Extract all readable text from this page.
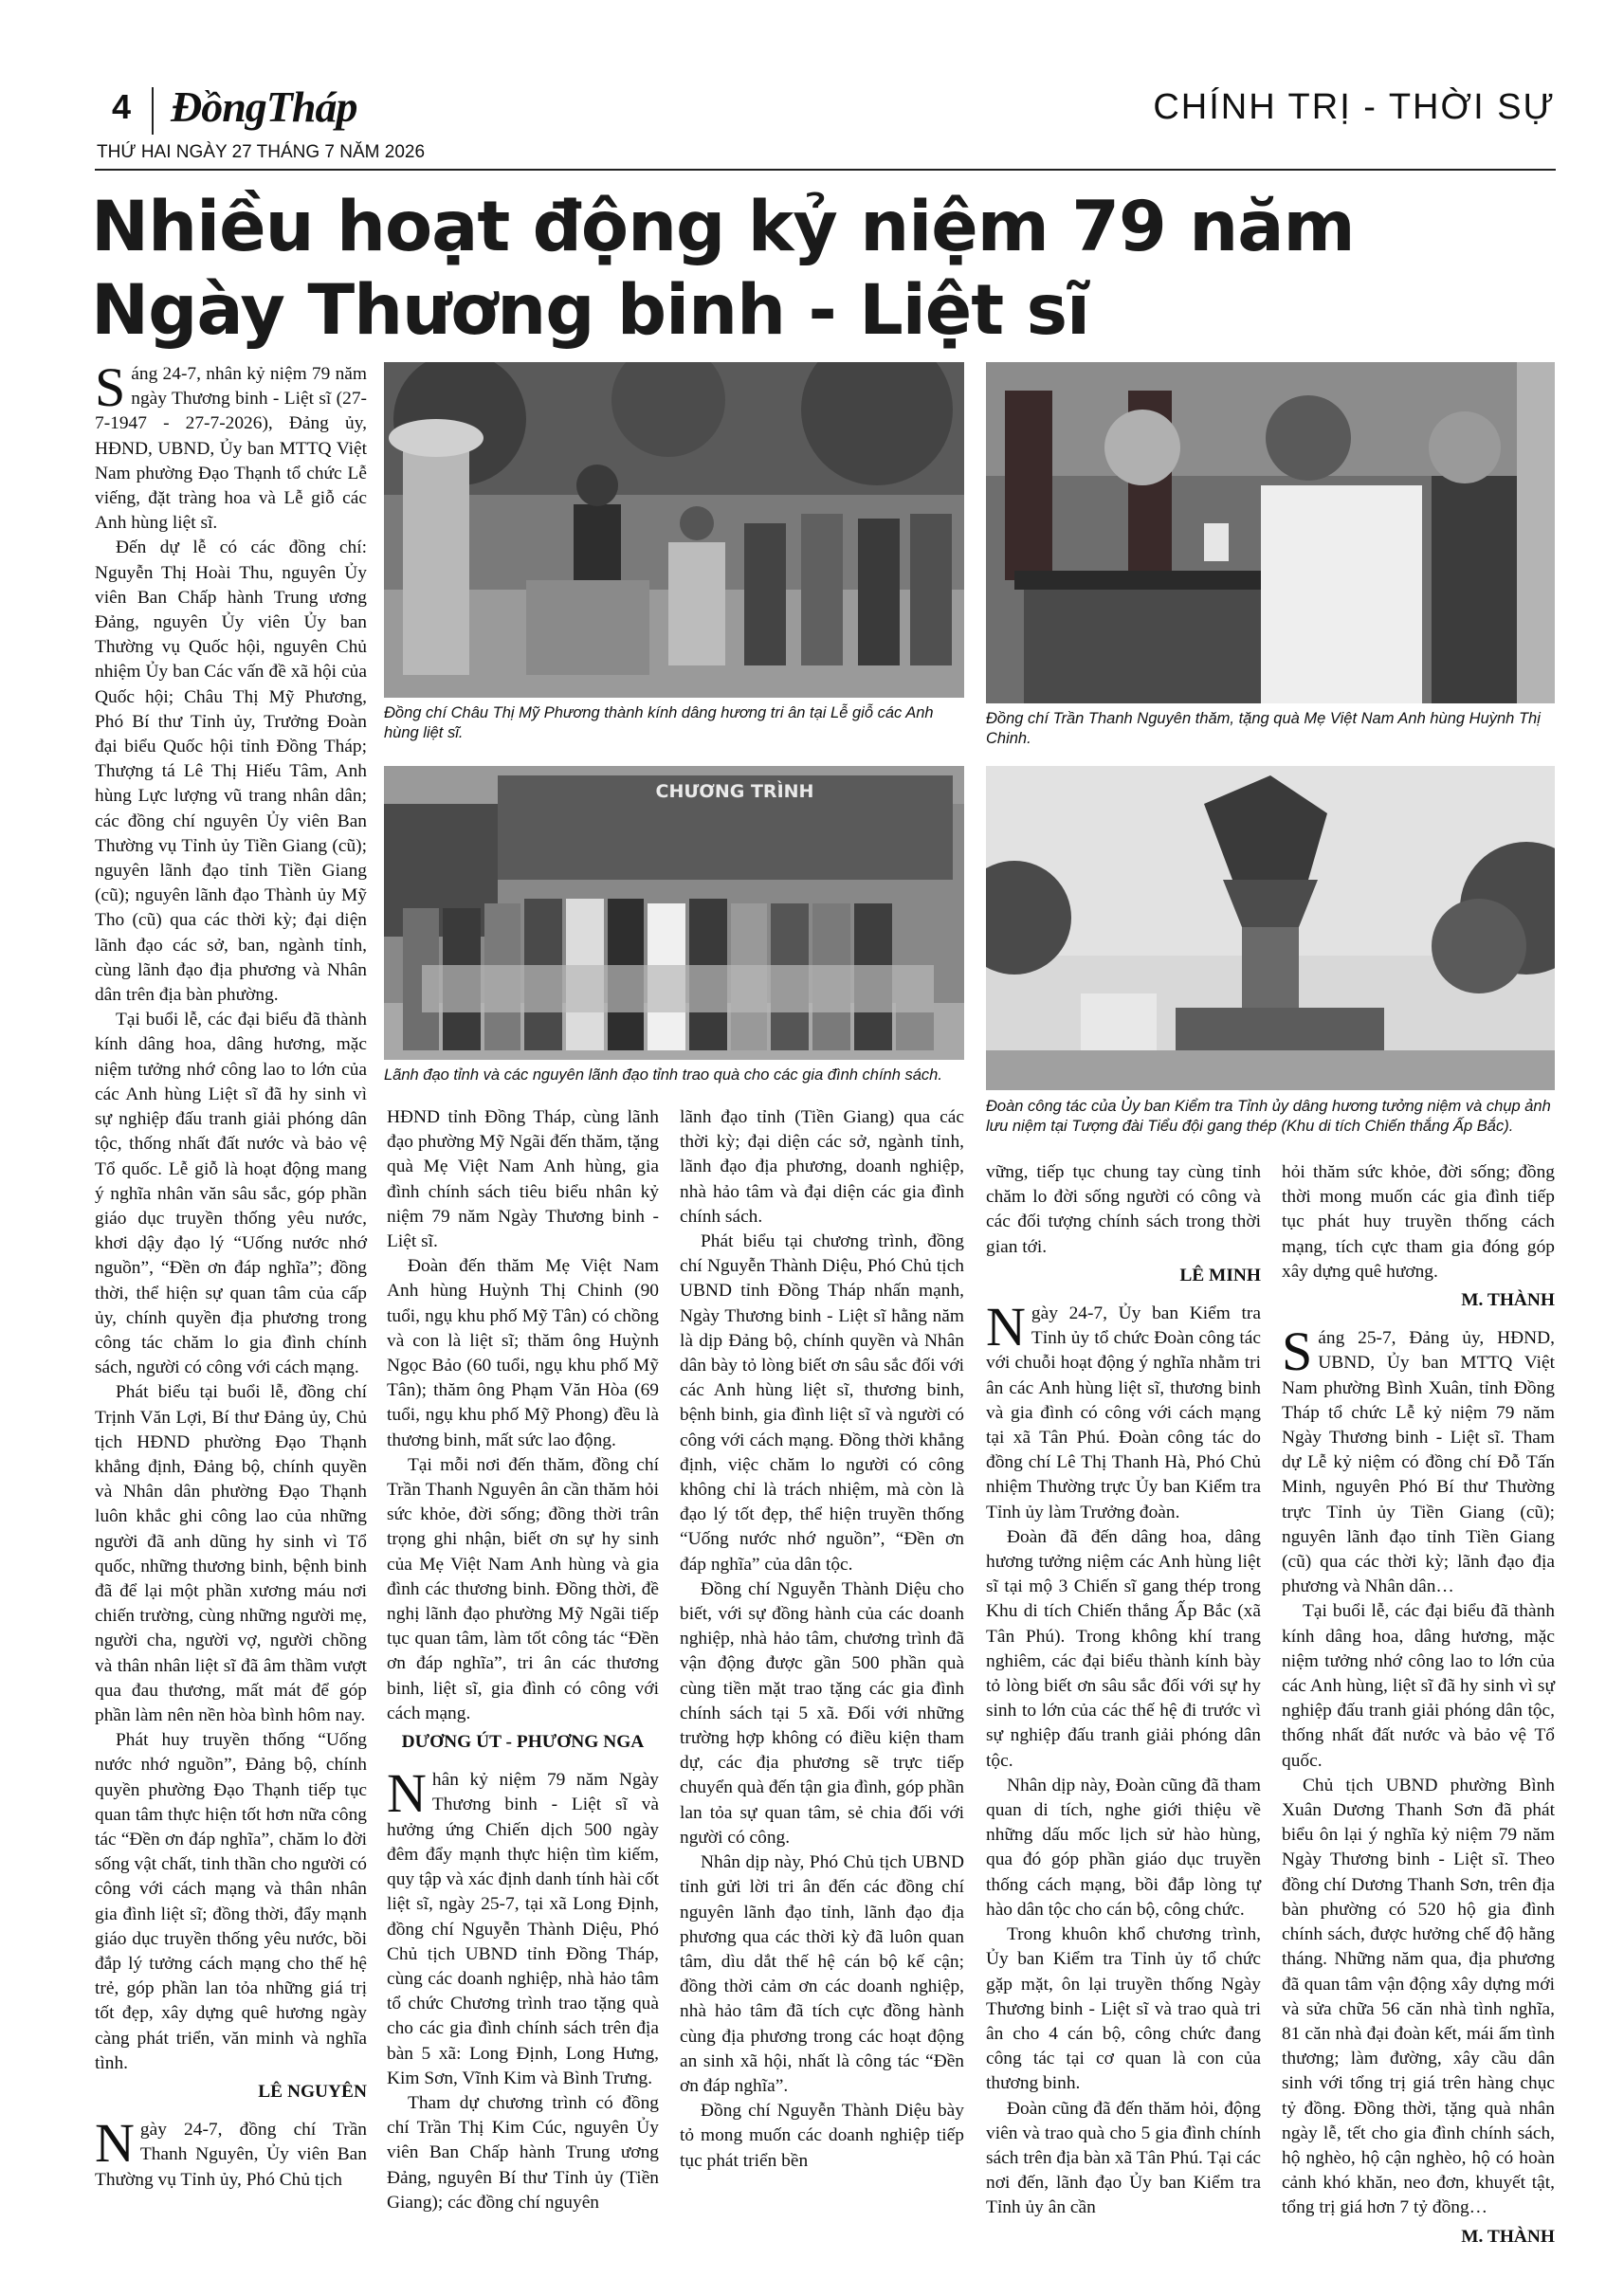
4 ĐồngTháp	CHÍNH TRỊ - THỜI SỰ
THỨ HAI NGÀY 27 THÁNG 7 NĂM 2026
Nhiều hoạt động kỷ niệm 79 năm
Ngày Thương binh - Liệt sĩ
Đồng chí Châu Thị Mỹ Phương thành kính dâng hương tri ân tại Lễ giỗ các Anh hùng liệt sĩ.
Đồng chí Trần Thanh Nguyên thăm, tặng quà Mẹ Việt Nam Anh hùng Huỳnh Thị Chinh.
CHƯƠNG TRÌNH
Lãnh đạo tỉnh và các nguyên lãnh đạo tỉnh trao quà cho các gia đình chính sách.
Đoàn công tác của Ủy ban Kiểm tra Tỉnh ủy dâng hương tưởng niệm và chụp ảnh lưu niệm tại Tượng đài Tiểu đội gang thép (Khu di tích Chiến thắng Ấp Bắc).

Sáng 24-7, nhân kỷ niệm 79 năm ngày Thương binh - Liệt sĩ (27-7-1947 - 27-7-2026), Đảng ủy, HĐND, UBND, Ủy ban MTTQ Việt Nam phường Đạo Thạnh tổ chức Lễ viếng, đặt tràng hoa và Lễ giỗ các Anh hùng liệt sĩ.

Đến dự lễ có các đồng chí: Nguyễn Thị Hoài Thu, nguyên Ủy viên Ban Chấp hành Trung ương Đảng, nguyên Ủy viên Ủy ban Thường vụ Quốc hội, nguyên Chủ nhiệm Ủy ban Các vấn đề xã hội của Quốc hội; Châu Thị Mỹ Phương, Phó Bí thư Tỉnh ủy, Trưởng Đoàn đại biểu Quốc hội tỉnh Đồng Tháp; Thượng tá Lê Thị Hiếu Tâm, Anh hùng Lực lượng vũ trang nhân dân; các đồng chí nguyên Ủy viên Ban Thường vụ Tỉnh ủy Tiền Giang (cũ); nguyên lãnh đạo tỉnh Tiền Giang (cũ); nguyên lãnh đạo Thành ủy Mỹ Tho (cũ) qua các thời kỳ; đại diện lãnh đạo các sở, ban, ngành tỉnh, cùng lãnh đạo địa phương và Nhân dân trên địa bàn phường.

Tại buổi lễ, các đại biểu đã thành kính dâng hoa, dâng hương, mặc niệm tưởng nhớ công lao to lớn của các Anh hùng Liệt sĩ đã hy sinh vì sự nghiệp đấu tranh giải phóng dân tộc, thống nhất đất nước và bảo vệ Tổ quốc. Lễ giỗ là hoạt động mang ý nghĩa nhân văn sâu sắc, góp phần giáo dục truyền thống yêu nước, khơi dậy đạo lý “Uống nước nhớ nguồn”, “Đền ơn đáp nghĩa”; đồng thời, thể hiện sự quan tâm của cấp ủy, chính quyền địa phương trong công tác chăm lo gia đình chính sách, người có công với cách mạng.

Phát biểu tại buổi lễ, đồng chí Trịnh Văn Lợi, Bí thư Đảng ủy, Chủ tịch HĐND phường Đạo Thạnh khẳng định, Đảng bộ, chính quyền và Nhân dân phường Đạo Thạnh luôn khắc ghi công lao của những người đã anh dũng hy sinh vì Tổ quốc, những thương binh, bệnh binh đã để lại một phần xương máu nơi chiến trường, cùng những người mẹ, người cha, người vợ, người chồng và thân nhân liệt sĩ đã âm thầm vượt qua đau thương, mất mát để góp phần làm nên nền hòa bình hôm nay.

Phát huy truyền thống “Uống nước nhớ nguồn”, Đảng bộ, chính quyền phường Đạo Thạnh tiếp tục quan tâm thực hiện tốt hơn nữa công tác “Đền ơn đáp nghĩa”, chăm lo đời sống vật chất, tinh thần cho người có công với cách mạng và thân nhân gia đình liệt sĩ; đồng thời, đẩy mạnh giáo dục truyền thống yêu nước, bồi đắp lý tưởng cách mạng cho thế hệ trẻ, góp phần lan tỏa những giá trị tốt đẹp, xây dựng quê hương ngày càng phát triển, văn minh và nghĩa tình.

LÊ NGUYÊN

Ngày 24-7, đồng chí Trần Thanh Nguyên, Ủy viên Ban Thường vụ Tỉnh ủy, Phó Chủ tịch

HĐND tỉnh Đồng Tháp, cùng lãnh đạo phường Mỹ Ngãi đến thăm, tặng quà Mẹ Việt Nam Anh hùng, gia đình chính sách tiêu biểu nhân kỷ niệm 79 năm Ngày Thương binh - Liệt sĩ.

Đoàn đến thăm Mẹ Việt Nam Anh hùng Huỳnh Thị Chinh (90 tuổi, ngụ khu phố Mỹ Tân) có chồng và con là liệt sĩ; thăm ông Huỳnh Ngọc Bảo (60 tuổi, ngụ khu phố Mỹ Tân); thăm ông Phạm Văn Hòa (69 tuổi, ngụ khu phố Mỹ Phong) đều là thương binh, mất sức lao động.

Tại mỗi nơi đến thăm, đồng chí Trần Thanh Nguyên ân cần thăm hỏi sức khỏe, đời sống; đồng thời trân trọng ghi nhận, biết ơn sự hy sinh của Mẹ Việt Nam Anh hùng và gia đình các thương binh. Đồng thời, đề nghị lãnh đạo phường Mỹ Ngãi tiếp tục quan tâm, làm tốt công tác “Đền ơn đáp nghĩa”, tri ân các thương binh, liệt sĩ, gia đình có công với cách mạng.

DƯƠNG ÚT - PHƯƠNG NGA

Nhân kỷ niệm 79 năm Ngày Thương binh - Liệt sĩ và hưởng ứng Chiến dịch 500 ngày đêm đẩy mạnh thực hiện tìm kiếm, quy tập và xác định danh tính hài cốt liệt sĩ, ngày 25-7, tại xã Long Định, đồng chí Nguyễn Thành Diệu, Phó Chủ tịch UBND tỉnh Đồng Tháp, cùng các doanh nghiệp, nhà hảo tâm tổ chức Chương trình trao tặng quà cho các gia đình chính sách trên địa bàn 5 xã: Long Định, Long Hưng, Kim Sơn, Vĩnh Kim và Bình Trưng.

Tham dự chương trình có đồng chí Trần Thị Kim Cúc, nguyên Ủy viên Ban Chấp hành Trung ương Đảng, nguyên Bí thư Tỉnh ủy (Tiền Giang); các đồng chí nguyên

lãnh đạo tỉnh (Tiền Giang) qua các thời kỳ; đại diện các sở, ngành tỉnh, lãnh đạo địa phương, doanh nghiệp, nhà hảo tâm và đại diện các gia đình chính sách.

Phát biểu tại chương trình, đồng chí Nguyễn Thành Diệu, Phó Chủ tịch UBND tỉnh Đồng Tháp nhấn mạnh, Ngày Thương binh - Liệt sĩ hằng năm là dịp Đảng bộ, chính quyền và Nhân dân bày tỏ lòng biết ơn sâu sắc đối với các Anh hùng liệt sĩ, thương binh, bệnh binh, gia đình liệt sĩ và người có công với cách mạng. Đồng thời khẳng định, việc chăm lo người có công không chỉ là trách nhiệm, mà còn là đạo lý tốt đẹp, thể hiện truyền thống “Uống nước nhớ nguồn”, “Đền ơn đáp nghĩa” của dân tộc.

Đồng chí Nguyễn Thành Diệu cho biết, với sự đồng hành của các doanh nghiệp, nhà hảo tâm, chương trình đã vận động được gần 500 phần quà cùng tiền mặt trao tặng các gia đình chính sách tại 5 xã. Đối với những trường hợp không có điều kiện tham dự, các địa phương sẽ trực tiếp chuyển quà đến tận gia đình, góp phần lan tỏa sự quan tâm, sẻ chia đối với người có công.

Nhân dịp này, Phó Chủ tịch UBND tỉnh gửi lời tri ân đến các đồng chí nguyên lãnh đạo tỉnh, lãnh đạo địa phương qua các thời kỳ đã luôn quan tâm, dìu dắt thế hệ cán bộ kế cận; đồng thời cảm ơn các doanh nghiệp, nhà hảo tâm đã tích cực đồng hành cùng địa phương trong các hoạt động an sinh xã hội, nhất là công tác “Đền ơn đáp nghĩa”.

Đồng chí Nguyễn Thành Diệu bày tỏ mong muốn các doanh nghiệp tiếp tục phát triển bền

vững, tiếp tục chung tay cùng tỉnh chăm lo đời sống người có công và các đối tượng chính sách trong thời gian tới.

LÊ MINH

Ngày 24-7, Ủy ban Kiểm tra Tỉnh ủy tổ chức Đoàn công tác với chuỗi hoạt động ý nghĩa nhằm tri ân các Anh hùng liệt sĩ, thương binh và gia đình có công với cách mạng tại xã Tân Phú. Đoàn công tác do đồng chí Lê Thị Thanh Hà, Phó Chủ nhiệm Thường trực Ủy ban Kiểm tra Tỉnh ủy làm Trưởng đoàn.

Đoàn đã đến dâng hoa, dâng hương tưởng niệm các Anh hùng liệt sĩ tại mộ 3 Chiến sĩ gang thép trong Khu di tích Chiến thắng Ấp Bắc (xã Tân Phú). Trong không khí trang nghiêm, các đại biểu thành kính bày tỏ lòng biết ơn sâu sắc đối với sự hy sinh to lớn của các thế hệ đi trước vì sự nghiệp đấu tranh giải phóng dân tộc.

Nhân dịp này, Đoàn cũng đã tham quan di tích, nghe giới thiệu về những dấu mốc lịch sử hào hùng, qua đó góp phần giáo dục truyền thống cách mạng, bồi đắp lòng tự hào dân tộc cho cán bộ, công chức.

Trong khuôn khổ chương trình, Ủy ban Kiểm tra Tỉnh ủy tổ chức gặp mặt, ôn lại truyền thống Ngày Thương binh - Liệt sĩ và trao quà tri ân cho 4 cán bộ, công chức đang công tác tại cơ quan là con của thương binh.

Đoàn cũng đã đến thăm hỏi, động viên và trao quà cho 5 gia đình chính sách trên địa bàn xã Tân Phú. Tại các nơi đến, lãnh đạo Ủy ban Kiểm tra Tỉnh ủy ân cần

hỏi thăm sức khỏe, đời sống; đồng thời mong muốn các gia đình tiếp tục phát huy truyền thống cách mạng, tích cực tham gia đóng góp xây dựng quê hương.

M. THÀNH

Sáng 25-7, Đảng ủy, HĐND, UBND, Ủy ban MTTQ Việt Nam phường Bình Xuân, tỉnh Đồng Tháp tổ chức Lễ kỷ niệm 79 năm Ngày Thương binh - Liệt sĩ. Tham dự Lễ kỷ niệm có đồng chí Đỗ Tấn Minh, nguyên Phó Bí thư Thường trực Tỉnh ủy Tiền Giang (cũ); nguyên lãnh đạo tỉnh Tiền Giang (cũ) qua các thời kỳ; lãnh đạo địa phương và Nhân dân…

Tại buổi lễ, các đại biểu đã thành kính dâng hoa, dâng hương, mặc niệm tưởng nhớ công lao to lớn của các Anh hùng, liệt sĩ đã hy sinh vì sự nghiệp đấu tranh giải phóng dân tộc, thống nhất đất nước và bảo vệ Tổ quốc.

Chủ tịch UBND phường Bình Xuân Dương Thanh Sơn đã phát biểu ôn lại ý nghĩa kỷ niệm 79 năm Ngày Thương binh - Liệt sĩ. Theo đồng chí Dương Thanh Sơn, trên địa bàn phường có 520 hộ gia đình chính sách, được hưởng chế độ hằng tháng. Những năm qua, địa phương đã quan tâm vận động xây dựng mới và sửa chữa 56 căn nhà tình nghĩa, 81 căn nhà đại đoàn kết, mái ấm tình thương; làm đường, xây cầu dân sinh với tổng trị giá trên hàng chục tỷ đồng. Đồng thời, tặng quà nhân ngày lễ, tết cho gia đình chính sách, hộ nghèo, hộ cận nghèo, hộ có hoàn cảnh khó khăn, neo đơn, khuyết tật, tổng trị giá hơn 7 tỷ đồng…

M. THÀNH
